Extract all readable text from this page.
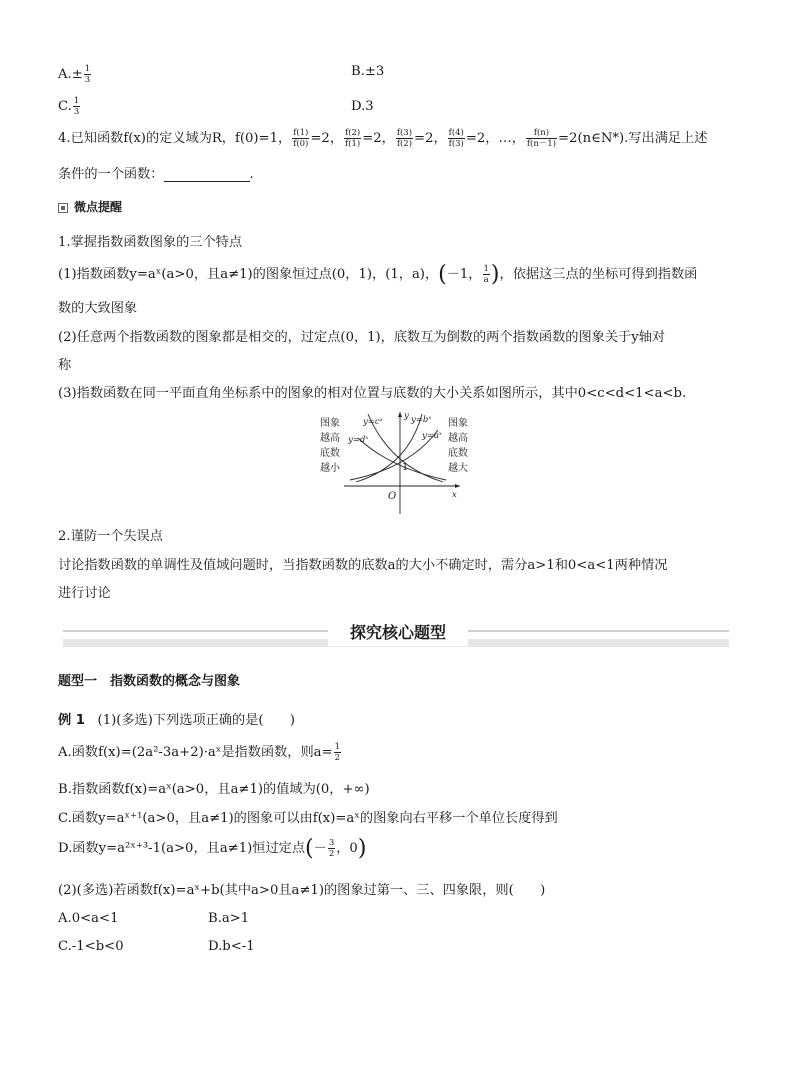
$A.\pm \frac{1}{3}$	B.±3
C. $\frac{1}{3}$	D.3
4.已知函数f(x)的定义域为R，f(0)=1， $\frac{f(1)}{f(0)} =2$， $\frac{f(2)}{f(1)} =2$， $\frac{f(3)}{f(2)} =2$， $\frac{f(4)}{f(3)} =2$，…， $\frac{f(n)}{f(n-1)}$ =2(n∈N*).写出满足上述
条件的一个函数：	.
微点提醒
1.掌握指数函数图象的三个特点
(1)指数函数y=aˣ(a>0，且a≠1)的图象恒过点(0，1)，(1，a)，(－1， $\frac{1}{a}$ )，依据这三点的坐标可得到指数函
数的大致图象
(2)任意两个指数函数的图象都是相交的，过定点(0，1)，底数互为倒数的两个指数函数的图象关于y轴对
称
(3)指数函数在同一平面直角坐标系中的图象的相对位置与底数的大小关系如图所示，其中0<c<d<1<a<b.
图象
越高
底数
越小
图象
越高
底数
越大
y=cˣ
y=dˣ
y=bˣ
y=aˣ
x
y
O
1
2.谨防一个失误点
讨论指数函数的单调性及值域问题时，当指数函数的底数a的大小不确定时，需分a>1和0<a<1两种情况
进行讨论
探究核心题型
题型一　指数函数的概念与图象
例 1 (1)(多选)下列选项正确的是(　　)
A.函数f(x)=(2a²-3a+2)·aˣ是指数函数，则$a= \frac{1}{2}$
B.指数函数f(x)=aˣ(a>0，且a≠1)的值域为(0，+∞)
C.函数y=aˣ⁺¹(a>0，且a≠1)的图象可以由f(x)=aˣ的图象向右平移一个单位长度得到
D.函数y=a²ˣ⁺³-1(a>0，且a≠1)恒过定点(－ $\frac{3}{2}$ ，0)
(2)(多选)若函数f(x)=aˣ+b(其中a>0且a≠1)的图象过第一、三、四象限，则(　　)
A.0<a<1	B.a>1
C.-1<b<0	D.b<-1
